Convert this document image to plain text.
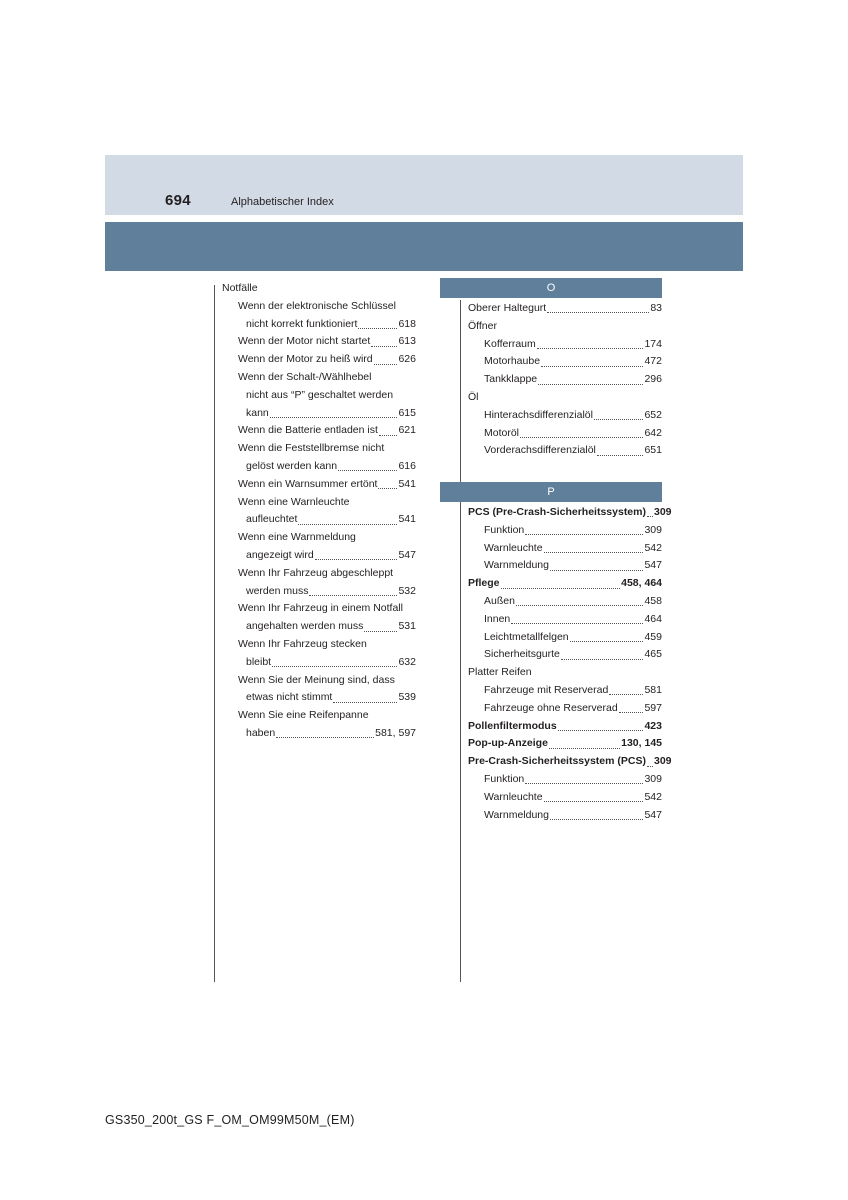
694	Alphabetischer Index
Notfälle
Wenn der elektronische Schlüssel
nicht korrekt funktioniert	618
Wenn der Motor nicht startet	613
Wenn der Motor zu heiß wird 626
Wenn der Schalt-/Wählhebel
nicht aus “P” geschaltet werden
kann	615
Wenn die Batterie entladen ist 621
Wenn die Feststellbremse nicht
gelöst werden kann	616
Wenn ein Warnsummer ertönt 541
Wenn eine Warnleuchte
aufleuchtet	541
Wenn eine Warnmeldung
angezeigt wird	547
Wenn Ihr Fahrzeug abgeschleppt
werden muss	532
Wenn Ihr Fahrzeug in einem Notfall
angehalten werden muss	531
Wenn Ihr Fahrzeug stecken
bleibt	632
Wenn Sie der Meinung sind, dass
etwas nicht stimmt	539
Wenn Sie eine Reifenpanne
haben	581, 597
O
Oberer Haltegurt	83
Öffner
Kofferraum	174
Motorhaube	472
Tankklappe	296
Öl
Hinterachsdifferenzialöl	652
Motoröl	642
Vorderachsdifferenzialöl	651
P
PCS (Pre-Crash-Sicherheitssystem) 309
Funktion	309
Warnleuchte	542
Warnmeldung	547
Pflege	458, 464
Außen	458
Innen	464
Leichtmetallfelgen	459
Sicherheitsgurte	465
Platter Reifen
Fahrzeuge mit Reserverad	581
Fahrzeuge ohne Reserverad	597
Pollenfiltermodus	423
Pop-up-Anzeige	130, 145
Pre-Crash-Sicherheitssystem (PCS) 309
Funktion	309
Warnleuchte	542
Warnmeldung	547
GS350_200t_GS F_OM_OM99M50M_(EM)
